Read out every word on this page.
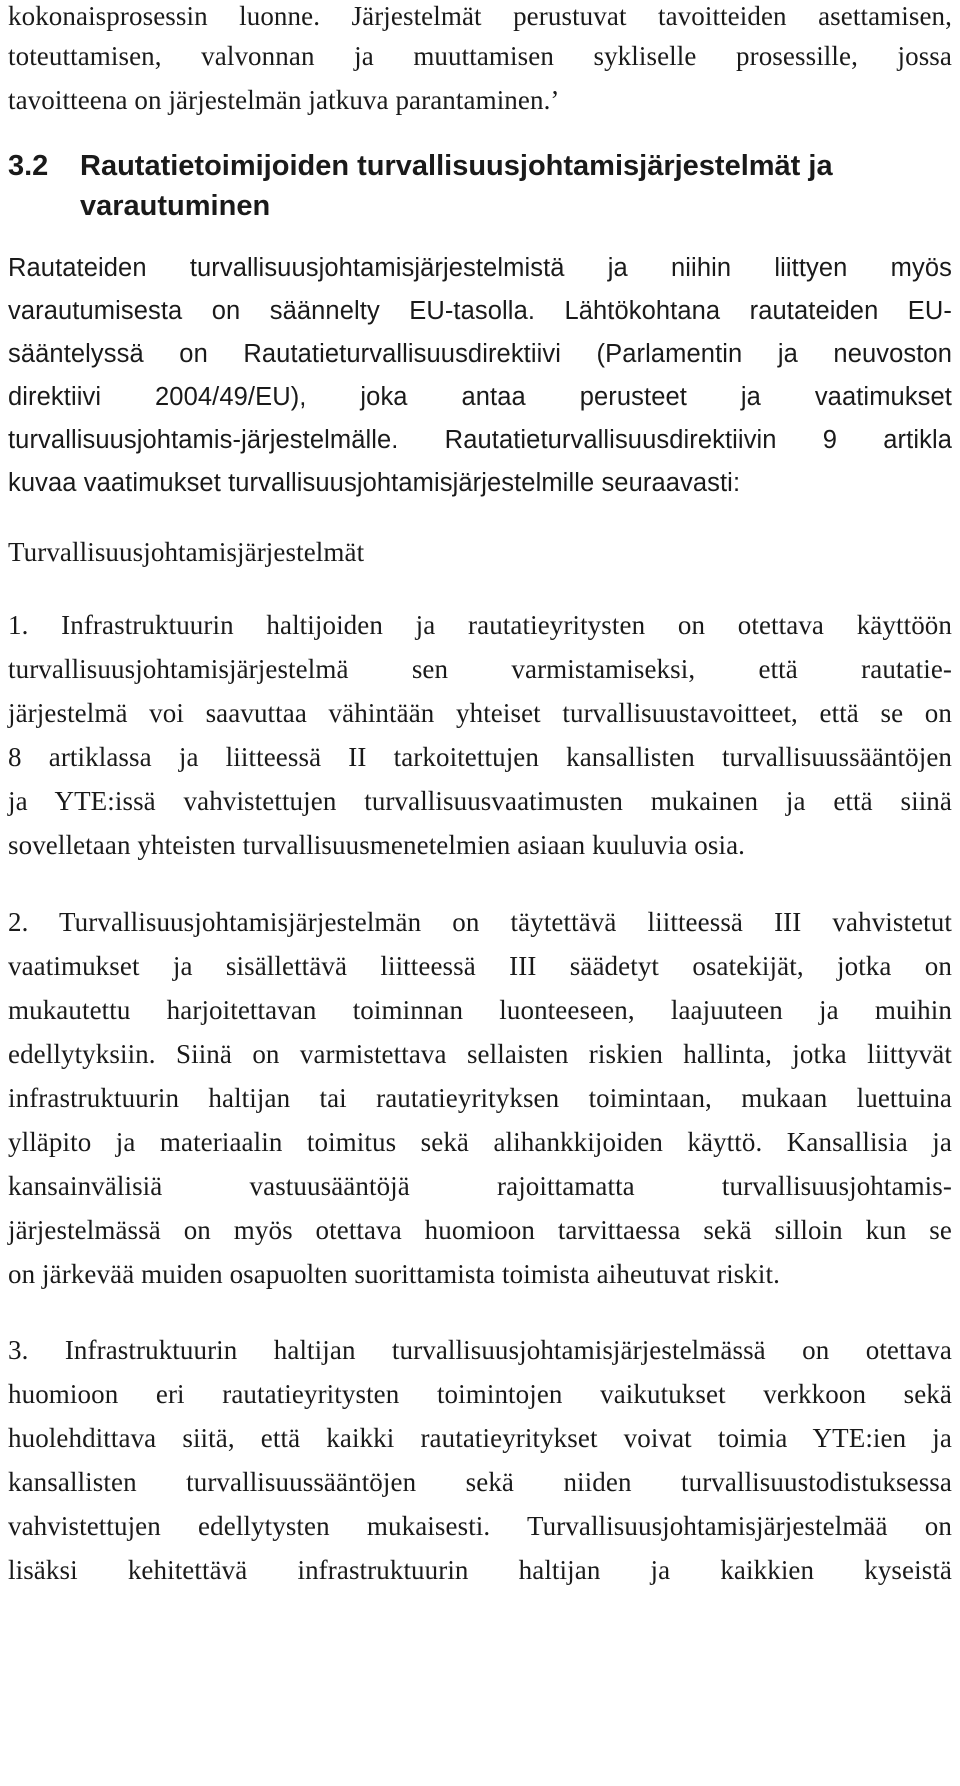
kokonaisprosessin luonne. Järjestelmät perustuvat tavoitteiden asettamisen,
toteuttamisen, valvonnan ja muuttamisen sykliselle prosessille, jossa
tavoitteena on järjestelmän jatkuva parantaminen.’
3.2 Rautatietoimijoiden turvallisuusjohtamisjärjestelmät ja
varautuminen
Rautateiden turvallisuusjohtamisjärjestelmistä ja niihin liittyen myös
varautumisesta on säännelty EU-tasolla. Lähtökohtana rautateiden EU-
sääntelyssä on Rautatieturvallisuusdirektiivi (Parlamentin ja neuvoston
direktiivi 2004/49/EU), joka antaa perusteet ja vaatimukset
turvallisuusjohtamis-järjestelmälle. Rautatieturvallisuusdirektiivin 9 artikla
kuvaa vaatimukset turvallisuusjohtamisjärjestelmille seuraavasti:
Turvallisuusjohtamisjärjestelmät
1. Infrastruktuurin haltijoiden ja rautatieyritysten on otettava käyttöön
turvallisuusjohtamisjärjestelmä sen varmistamiseksi, että rautatie-
järjestelmä voi saavuttaa vähintään yhteiset turvallisuustavoitteet, että se on
8 artiklassa ja liitteessä II tarkoitettujen kansallisten turvallisuussääntöjen
ja YTE:issä vahvistettujen turvallisuusvaatimusten mukainen ja että siinä
sovelletaan yhteisten turvallisuusmenetelmien asiaan kuuluvia osia.
2. Turvallisuusjohtamisjärjestelmän on täytettävä liitteessä III vahvistetut
vaatimukset ja sisällettävä liitteessä III säädetyt osatekijät, jotka on
mukautettu harjoitettavan toiminnan luonteeseen, laajuuteen ja muihin
edellytyksiin. Siinä on varmistettava sellaisten riskien hallinta, jotka liittyvät
infrastruktuurin haltijan tai rautatieyrityksen toimintaan, mukaan luettuina
ylläpito ja materiaalin toimitus sekä alihankkijoiden käyttö. Kansallisia ja
kansainvälisiä vastuusääntöjä rajoittamatta turvallisuusjohtamis-
järjestelmässä on myös otettava huomioon tarvittaessa sekä silloin kun se
on järkevää muiden osapuolten suorittamista toimista aiheutuvat riskit.
3. Infrastruktuurin haltijan turvallisuusjohtamisjärjestelmässä on otettava
huomioon eri rautatieyritysten toimintojen vaikutukset verkkoon sekä
huolehdittava siitä, että kaikki rautatieyritykset voivat toimia YTE:ien ja
kansallisten turvallisuussääntöjen sekä niiden turvallisuustodistuksessa
vahvistettujen edellytysten mukaisesti. Turvallisuusjohtamisjärjestelmää on
lisäksi kehitettävä infrastruktuurin haltijan ja kaikkien kyseistä
